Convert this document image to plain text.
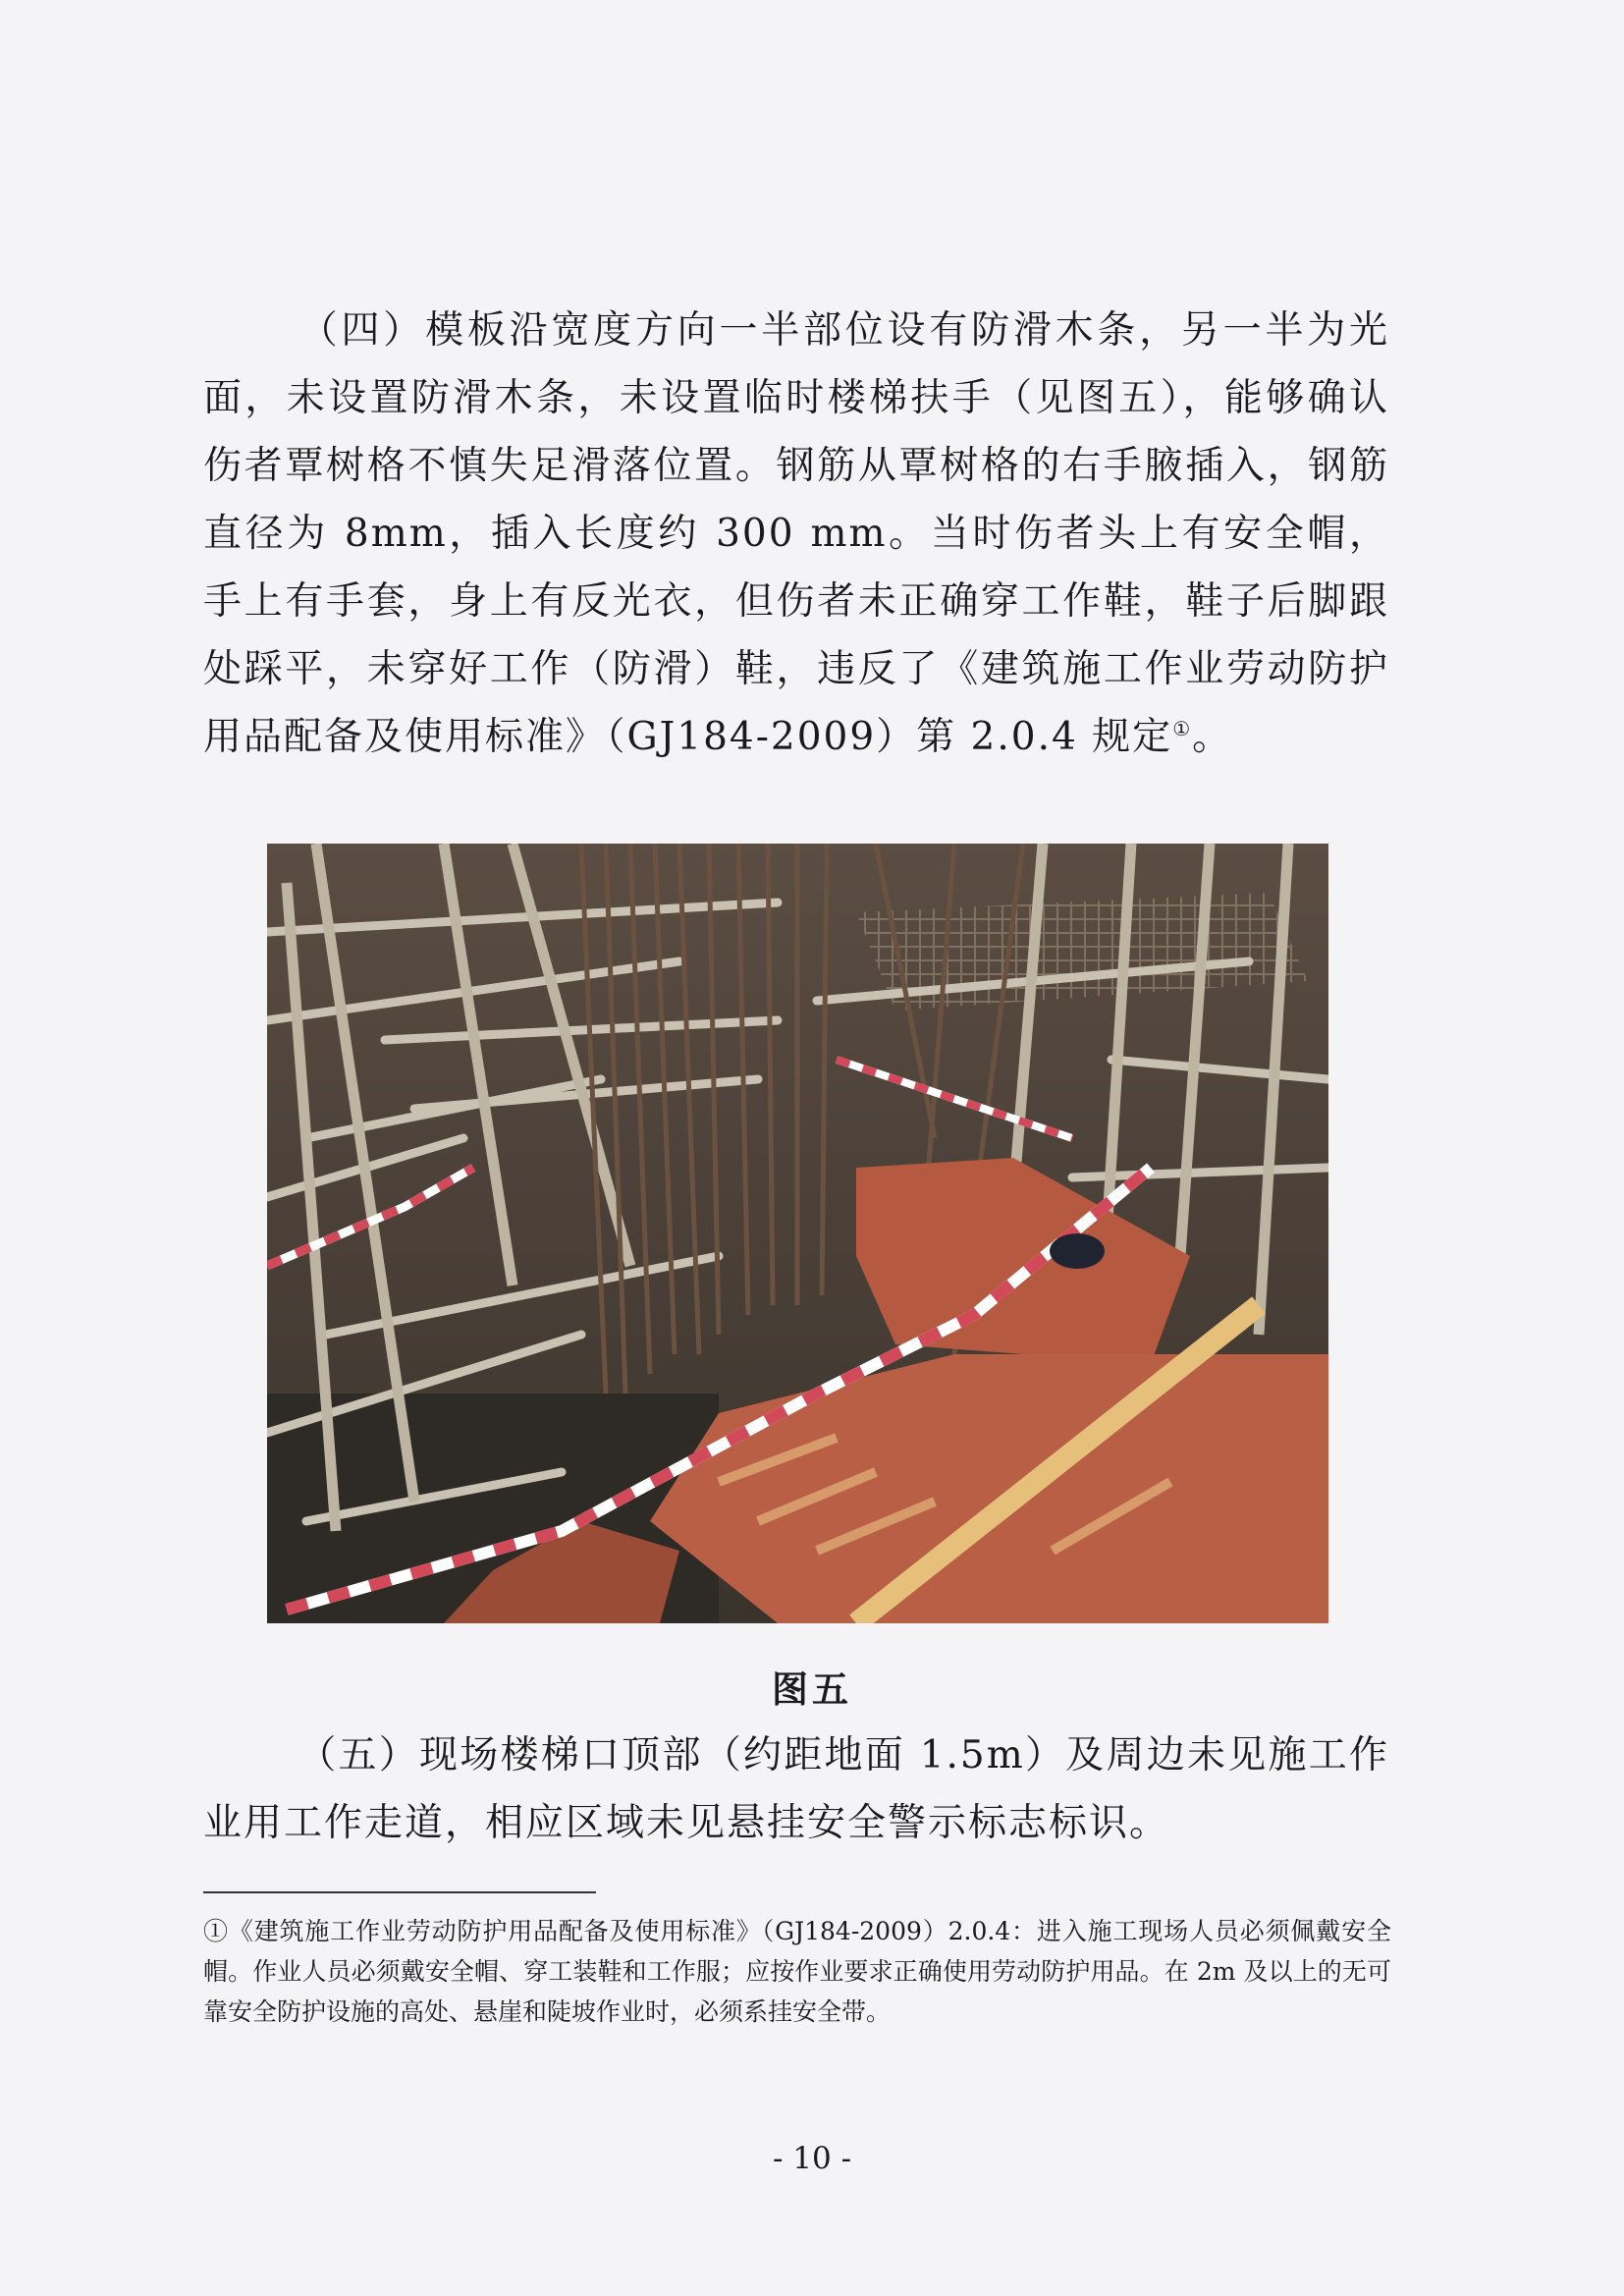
（四）模板沿宽度方向一半部位设有防滑木条，另一半为光面，未设置防滑木条，未设置临时楼梯扶手（见图五），能够确认伤者覃树格不慎失足滑落位置。钢筋从覃树格的右手腋插入，钢筋直径为 8mm，插入长度约 300 mm。当时伤者头上有安全帽，手上有手套，身上有反光衣，但伤者未正确穿工作鞋，鞋子后脚跟处踩平，未穿好工作（防滑）鞋，违反了《建筑施工作业劳动防护用品配备及使用标准》（GJ184-2009）第 2.0.4 规定①。

图五

（五）现场楼梯口顶部（约距地面 1.5m）及周边未见施工作业用工作走道，相应区域未见悬挂安全警示标志标识。

①《建筑施工作业劳动防护用品配备及使用标准》（GJ184-2009）2.0.4：进入施工现场人员必须佩戴安全帽。作业人员必须戴安全帽、穿工装鞋和工作服；应按作业要求正确使用劳动防护用品。在 2m 及以上的无可靠安全防护设施的高处、悬崖和陡坡作业时，必须系挂安全带。

- 10 -
